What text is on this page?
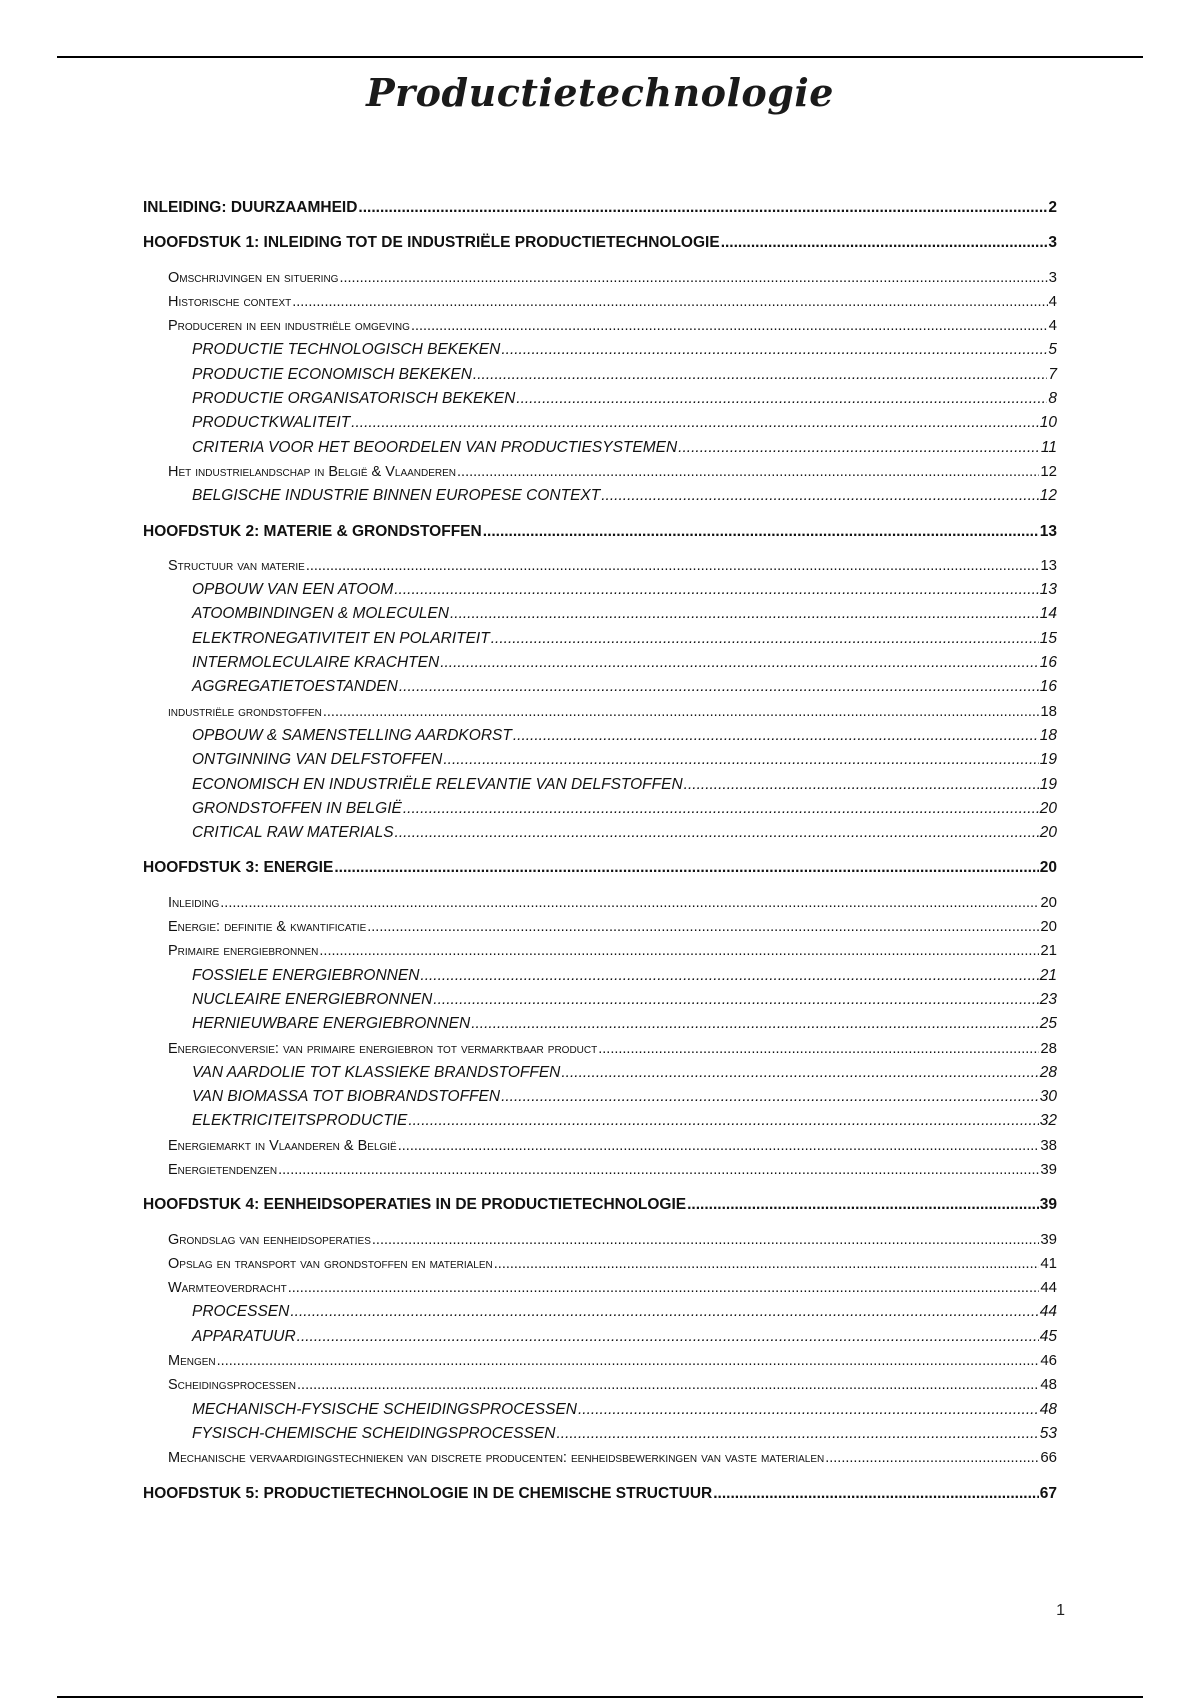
Productietechnologie
INLEIDING: DUURZAAMHEID .....	2
HOOFDSTUK 1: INLEIDING TOT DE INDUSTRIËLE PRODUCTIETECHNOLOGIE .....	3
Omschrijvingen en situering .....	3
Historische context .....	4
Produceren in een industriële omgeving .....	4
PRODUCTIE TECHNOLOGISCH BEKEKEN .....	5
PRODUCTIE ECONOMISCH BEKEKEN .....	7
PRODUCTIE ORGANISATORISCH BEKEKEN .....	8
PRODUCTKWALITEIT .....	10
CRITERIA VOOR HET BEOORDELEN VAN PRODUCTIESYSTEMEN .....	11
Het industrielandschap in België & Vlaanderen .....	12
BELGISCHE INDUSTRIE BINNEN EUROPESE CONTEXT .....	12
HOOFDSTUK 2: MATERIE & GRONDSTOFFEN .....	13
Structuur van materie .....	13
OPBOUW VAN EEN ATOOM .....	13
ATOOMBINDINGEN & MOLECULEN .....	14
ELEKTRONEGATIVITEIT EN POLARITEIT .....	15
INTERMOLECULAIRE KRACHTEN .....	16
AGGREGATIETOESTANDEN .....	16
industriële grondstoffen .....	18
OPBOUW & SAMENSTELLING AARDKORST .....	18
ONTGINNING VAN DELFSTOFFEN .....	19
ECONOMISCH EN INDUSTRIËLE RELEVANTIE VAN DELFSTOFFEN .....	19
GRONDSTOFFEN IN BELGIË .....	20
CRITICAL RAW MATERIALS .....	20
HOOFDSTUK 3: ENERGIE .....	20
Inleiding .....	20
Energie: definitie & kwantificatie .....	20
Primaire energiebronnen .....	21
FOSSIELE ENERGIEBRONNEN .....	21
NUCLEAIRE ENERGIEBRONNEN .....	23
HERNIEUWBARE ENERGIEBRONNEN .....	25
Energieconversie: van primaire energiebron tot vermarktbaar product .....	28
VAN AARDOLIE TOT KLASSIEKE BRANDSTOFFEN .....	28
VAN BIOMASSA TOT BIOBRANDSTOFFEN .....	30
ELEKTRICITEITSPRODUCTIE .....	32
Energiemarkt in Vlaanderen & België .....	38
Energietendenzen .....	39
HOOFDSTUK 4: EENHEIDSOPERATIES IN DE PRODUCTIETECHNOLOGIE .....	39
Grondslag van eenheidsoperaties .....	39
Opslag en transport van grondstoffen en materialen .....	41
Warmteoverdracht .....	44
PROCESSEN .....	44
APPARATUUR .....	45
Mengen .....	46
Scheidingsprocessen .....	48
MECHANISCH-FYSISCHE SCHEIDINGSPROCESSEN .....	48
FYSISCH-CHEMISCHE SCHEIDINGSPROCESSEN .....	53
Mechanische vervaardigingstechnieken van discrete producenten: eenheidsbewerkingen van vaste materialen .....	66
HOOFDSTUK 5: PRODUCTIETECHNOLOGIE IN DE CHEMISCHE STRUCTUUR .....	67
1
